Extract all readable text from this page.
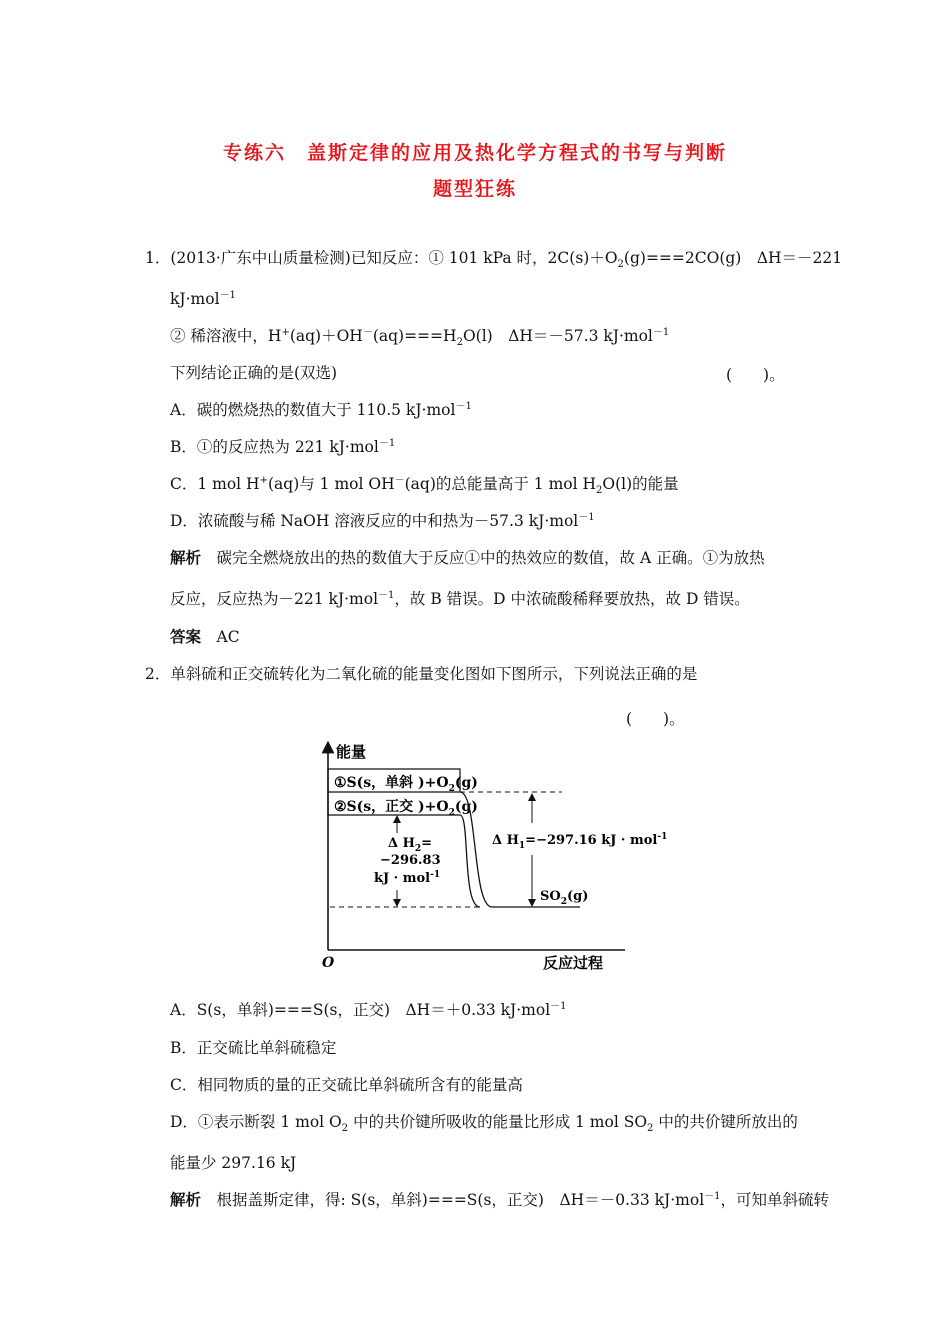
专练六　盖斯定律的应用及热化学方程式的书写与判断
题型狂练
1．(2013·广东中山质量检测)已知反应：① 101 kPa 时，$2C(s)+O_2(g)===2CO(g)$　ΔH＝－221
kJ·mol$^{-1}$
② 稀溶液中，$H^+(aq)+OH^-(aq)===H_2O(l)$　ΔH＝－57.3 kJ·mol$^{-1}$
下列结论正确的是(双选)	(　　)。
A．碳的燃烧热的数值大于 110.5 kJ·mol$^{-1}$
B．①的反应热为 221 kJ·mol$^{-1}$
C．1 mol H+(aq)与 1 mol OH－(aq)的总能量高于 1 mol $H_2O(l)$的能量
D．浓硫酸与稀 NaOH 溶液反应的中和热为－57.3 kJ·mol$^{-1}$
解析　 碳完全燃烧放出的热的数值大于反应①中的热效应的数值，故 A 正确。①为放热
反应，反应热为－221 kJ·mol$^{-1}$，故 B 错误。D 中浓硫酸稀释要放热，故 D 错误。
答案　 AC
2．单斜硫和正交硫转化为二氧化硫的能量变化图如下图所示，下列说法正确的是
(　　)。
能量
O	反应过程
①S(s，单斜 )$+O_2(g)$
②S(s，正交 )$+O_2(g)$
Δ $H_2=$
−296.83
kJ · mol$^{-1}$
Δ $H_1=-297.16$ kJ · mol$^{-1}$
$SO_2(g)$
A．S(s，单斜)===S(s，正交)　ΔH＝＋0.33 kJ·mol$^{-1}$
B．正交硫比单斜硫稳定
C．相同物质的量的正交硫比单斜硫所含有的能量高
D．①表示断裂 1 mol $O_2$ 中的共价键所吸收的能量比形成 1 mol $SO_2$ 中的共价键所放出的
能量少 297.16 kJ
解析　 根据盖斯定律，得: S(s，单斜)===S(s，正交)　ΔH＝－0.33 kJ·mol$^{-1}$，可知单斜硫转
